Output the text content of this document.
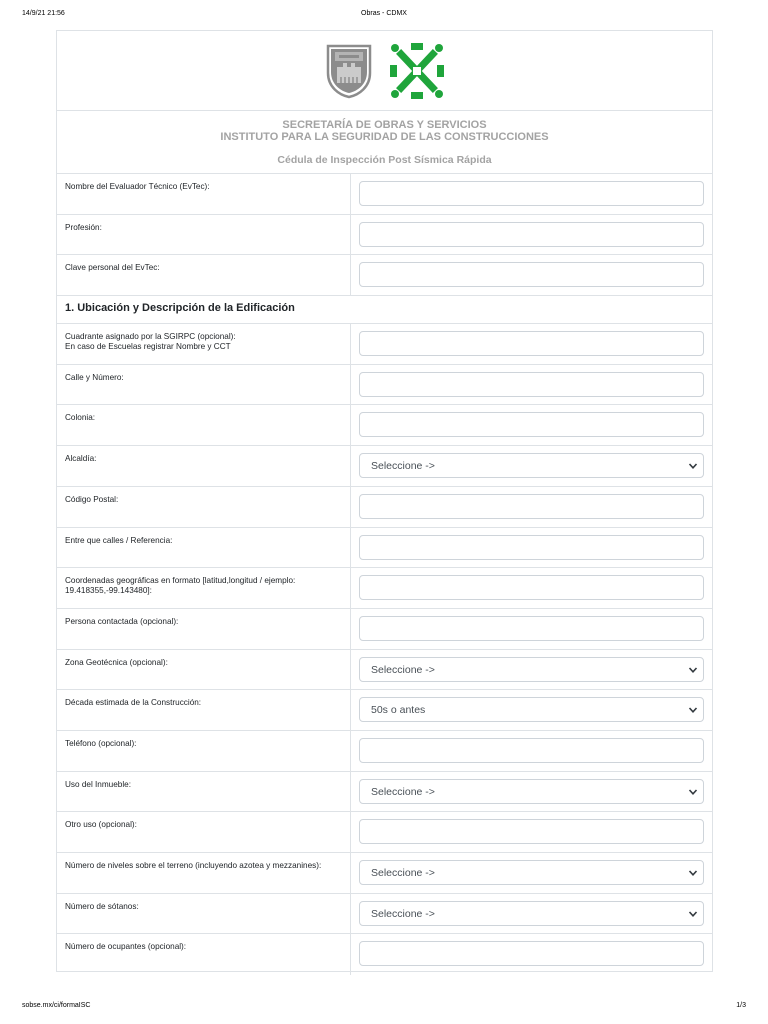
14/9/21 21:56	Obras - CDMX
SECRETARÍA DE OBRAS Y SERVICIOS
INSTITUTO PARA LA SEGURIDAD DE LAS CONSTRUCCIONES
Cédula de Inspección Post Sísmica Rápida
Nombre del Evaluador Técnico (EvTec):
Profesión:
Clave personal del EvTec:
1. Ubicación y Descripción de la Edificación
Cuadrante asignado por la SGIRPC (opcional):
En caso de Escuelas registrar Nombre y CCT
Calle y Número:
Colonia:
Alcaldía:
Seleccione ->
Código Postal:
Entre que calles / Referencia:
Coordenadas geográficas en formato [latitud,longitud / ejemplo:
19.418355,-99.143480]:
Persona contactada (opcional):
Zona Geotécnica (opcional):
Seleccione ->
Década estimada de la Construcción:
50s o antes
Teléfono (opcional):
Uso del Inmueble:
Seleccione ->
Otro uso (opcional):
Número de niveles sobre el terreno (incluyendo azotea y mezzanines):
Seleccione ->
Número de sótanos:
Seleccione ->
Número de ocupantes (opcional):
sobse.mx/ci/formaISC	1/3
